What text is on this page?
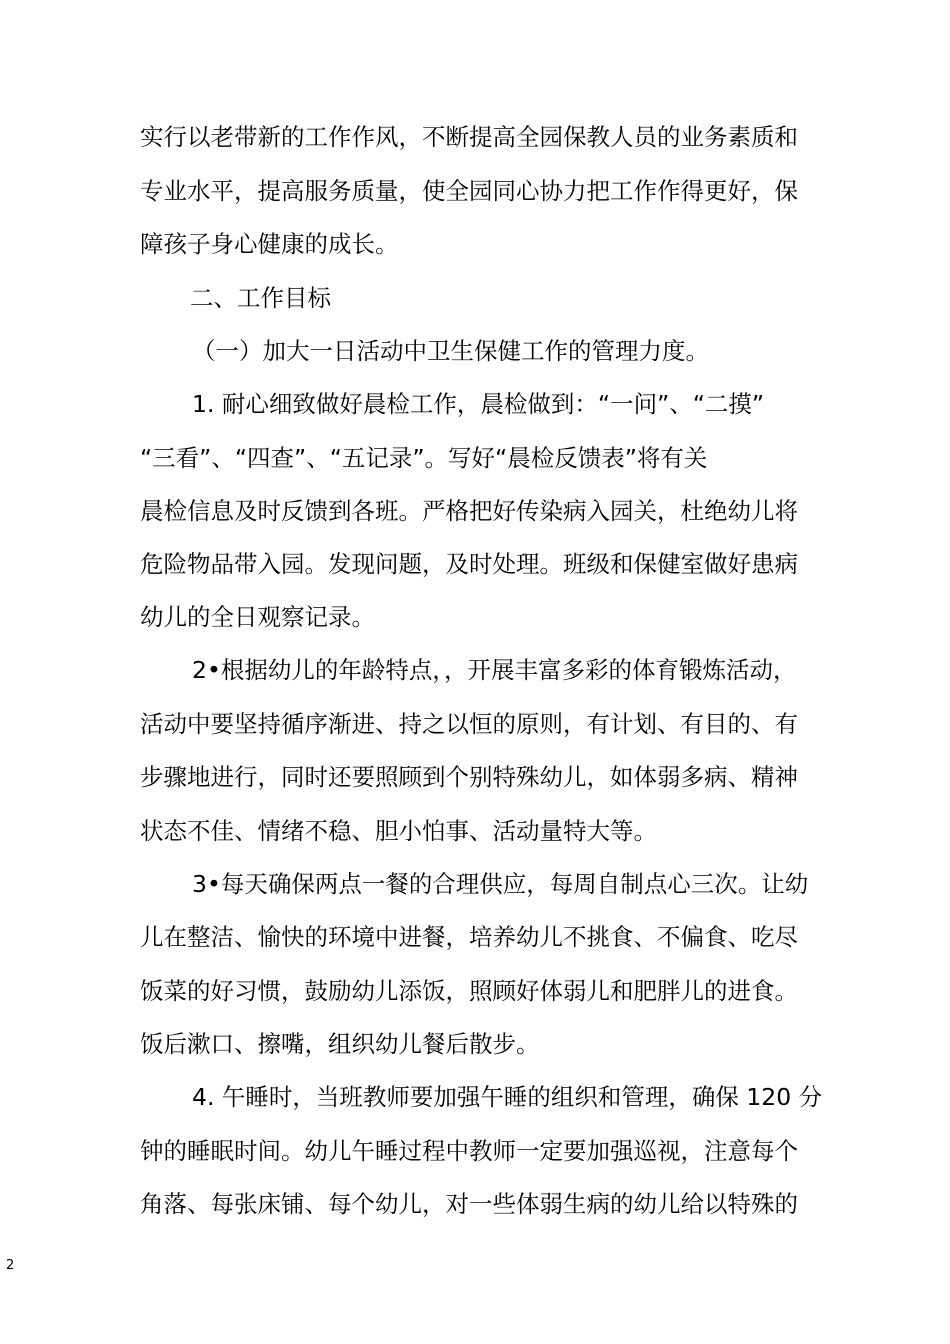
实行以老带新的工作作风，不断提高全园保教人员的业务素质和
专业水平，提高服务质量，使全园同心协力把工作作得更好，保
障孩子身心健康的成长。
二、工作目标
（一）加大一日活动中卫生保健工作的管理力度。
1. 耐心细致做好晨检工作，晨检做到：“一问”、“二摸”
“三看”、“四查”、“五记录”。写好“晨检反馈表”将有关
晨检信息及时反馈到各班。严格把好传染病入园关，杜绝幼儿将
危险物品带入园。发现问题，及时处理。班级和保健室做好患病
幼儿的全日观察记录。
2•根据幼儿的年龄特点，，开展丰富多彩的体育锻炼活动，
活动中要坚持循序渐进、持之以恒的原则，有计划、有目的、有
步骤地进行，同时还要照顾到个别特殊幼儿，如体弱多病、精神
状态不佳、情绪不稳、胆小怕事、活动量特大等。
3•每天确保两点一餐的合理供应，每周自制点心三次。让幼
儿在整洁、愉快的环境中进餐，培养幼儿不挑食、不偏食、吃尽
饭菜的好习惯，鼓励幼儿添饭，照顾好体弱儿和肥胖儿的进食。
饭后漱口、擦嘴，组织幼儿餐后散步。
4. 午睡时，当班教师要加强午睡的组织和管理，确保 120 分
钟的睡眠时间。幼儿午睡过程中教师一定要加强巡视，注意每个
角落、每张床铺、每个幼儿，对一些体弱生病的幼儿给以特殊的
2
